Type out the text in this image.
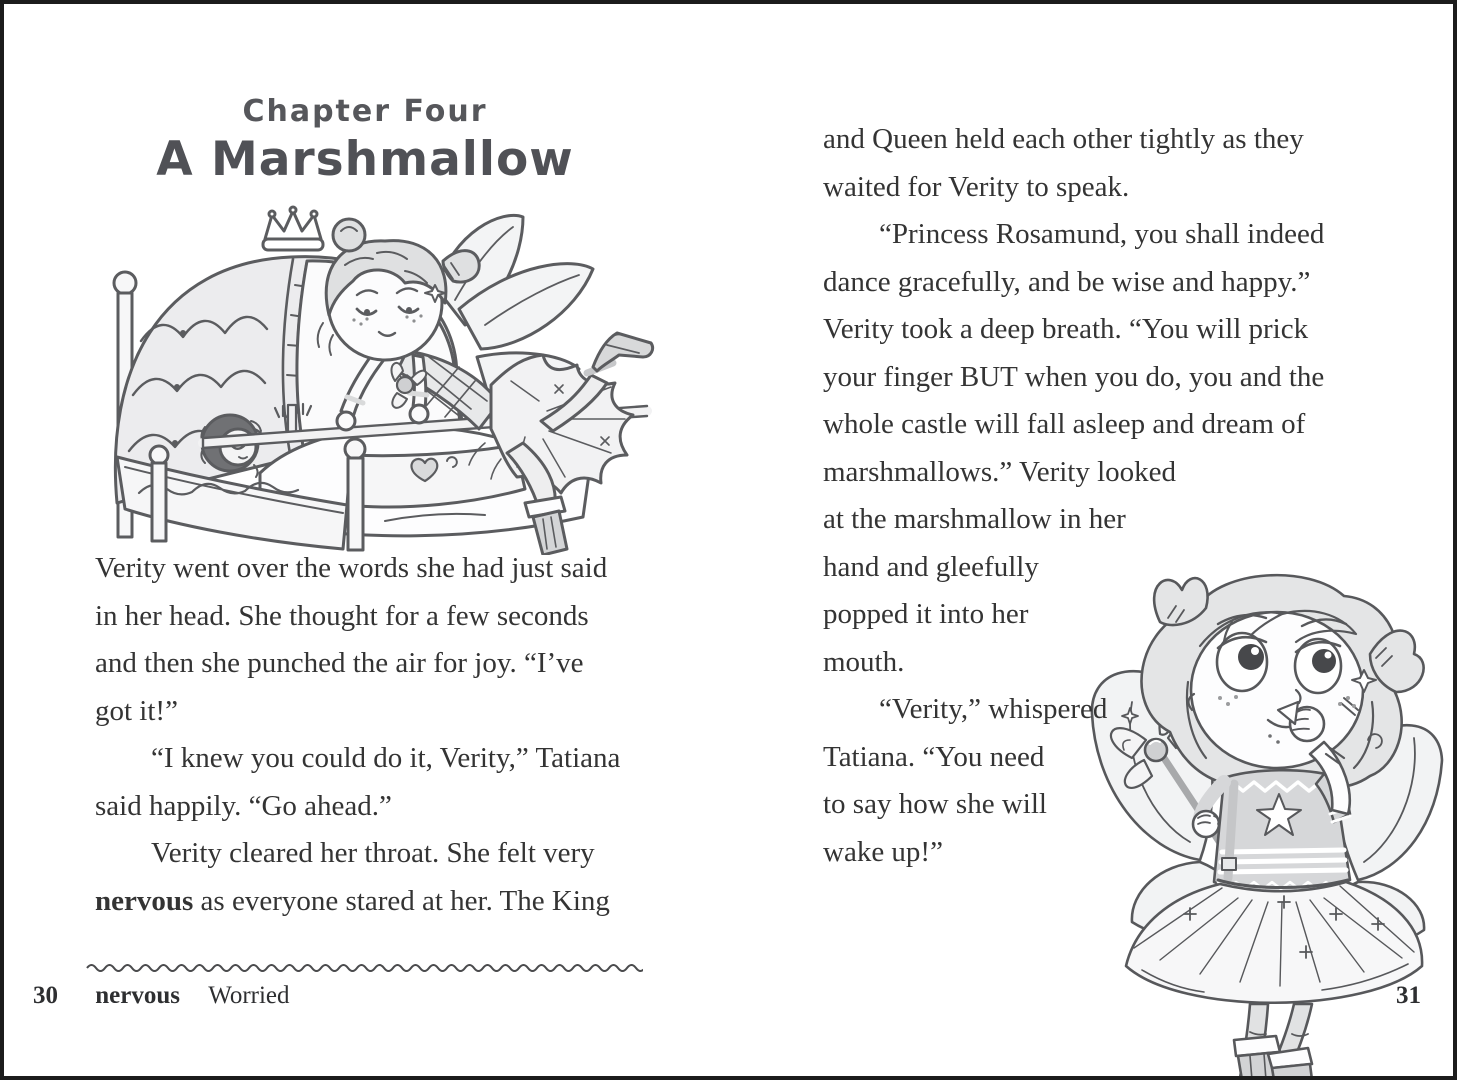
Chapter Four
A Marshmallow
Verity went over the words she had just said
in her head. She thought for a few seconds
and then she punched the air for joy. “I’ve
got it!”
“I knew you could do it, Verity,” Tatiana
said happily. “Go ahead.”
Verity cleared her throat. She felt very
nervous as everyone stared at her. The King
30 nervous Worried
and Queen held each other tightly as they
waited for Verity to speak.
“Princess Rosamund, you shall indeed
dance gracefully, and be wise and happy.”
Verity took a deep breath. “You will prick
your finger BUT when you do, you and the
whole castle will fall asleep and dream of
marshmallows.” Verity looked
at the marshmallow in her
hand and gleefully
popped it into her
mouth.
“Verity,” whispered
Tatiana. “You need
to say how she will
wake up!”
31
